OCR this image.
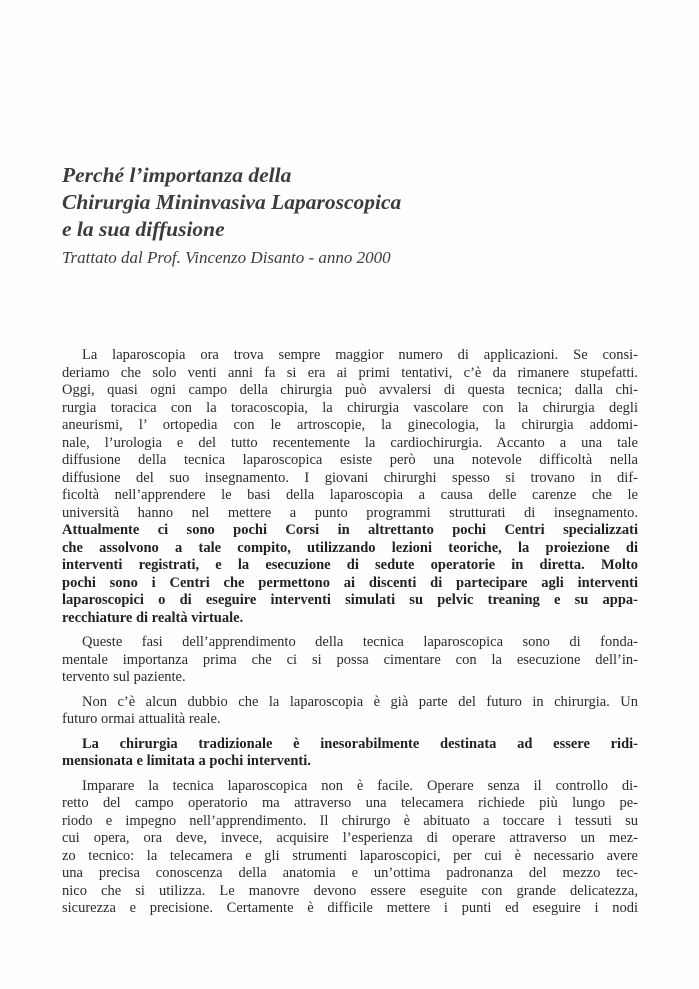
Perché l’importanza della
Chirurgia Mininvasiva Laparoscopica
e la sua diffusione
Trattato dal Prof. Vincenzo Disanto - anno 2000
La laparoscopia ora trova sempre maggior numero di applicazioni. Se consi-
deriamo che solo venti anni fa si era ai primi tentativi, c’è da rimanere stupefatti.
Oggi, quasi ogni campo della chirurgia può avvalersi di questa tecnica; dalla chi-
rurgia toracica con la toracoscopia, la chirurgia vascolare con la chirurgia degli
aneurismi, l’ ortopedia con le artroscopie, la ginecologia, la chirurgia addomi-
nale, l’urologia e del tutto recentemente la cardiochirurgia. Accanto a una tale
diffusione della tecnica laparoscopica esiste però una notevole difficoltà nella
diffusione del suo insegnamento. I giovani chirurghi spesso si trovano in dif-
ficoltà nell’apprendere le basi della laparoscopia a causa delle carenze che le
università hanno nel mettere a punto programmi strutturati di insegnamento.
Attualmente ci sono pochi Corsi in altrettanto pochi Centri specializzati
che assolvono a tale compito, utilizzando lezioni teoriche, la proiezione di
interventi registrati, e la esecuzione di sedute operatorie in diretta. Molto
pochi sono i Centri che permettono ai discenti di partecipare agli interventi
laparoscopici o di eseguire interventi simulati su pelvic treaning e su appa-
recchiature di realtà virtuale.
Queste fasi dell’apprendimento della tecnica laparoscopica sono di fonda-
mentale importanza prima che ci si possa cimentare con la esecuzione dell’in-
tervento sul paziente.
Non c’è alcun dubbio che la laparoscopia è già parte del futuro in chirurgia. Un
futuro ormai attualità reale.
La chirurgia tradizionale è inesorabilmente destinata ad essere ridi-
mensionata e limitata a pochi interventi.
Imparare la tecnica laparoscopica non è facile. Operare senza il controllo di-
retto del campo operatorio ma attraverso una telecamera richiede più lungo pe-
riodo e impegno nell’apprendimento. Il chirurgo è abituato a toccare i tessuti su
cui opera, ora deve, invece, acquisire l’esperienza di operare attraverso un mez-
zo tecnico: la telecamera e gli strumenti laparoscopici, per cui è necessario avere
una precisa conoscenza della anatomia e un’ottima padronanza del mezzo tec-
nico che si utilizza. Le manovre devono essere eseguite con grande delicatezza,
sicurezza e precisione. Certamente è difficile mettere i punti ed eseguire i nodi
